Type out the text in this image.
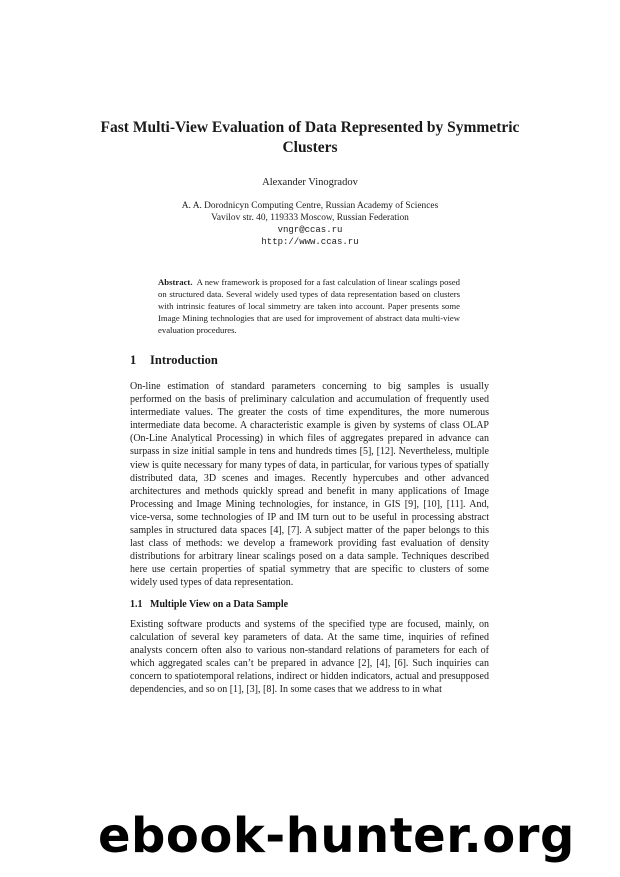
Fast Multi-View Evaluation of Data Represented by Symmetric Clusters
Alexander Vinogradov
A. A. Dorodnicyn Computing Centre, Russian Academy of Sciences
Vavilov str. 40, 119333 Moscow, Russian Federation
vngr@ccas.ru
http://www.ccas.ru

Abstract. A new framework is proposed for a fast calculation of linear scalings posed on structured data. Several widely used types of data representation based on clusters with intrinsic features of local simmetry are taken into account. Paper presents some Image Mining technologies that are used for improvement of abstract data multi-view evaluation procedures.

1 Introduction

On-line estimation of standard parameters concerning to big samples is usually performed on the basis of preliminary calculation and accumulation of frequently used intermediate values. The greater the costs of time expenditures, the more numerous intermediate data become. A characteristic example is given by systems of class OLAP (On-Line Analytical Processing) in which files of aggregates prepared in advance can surpass in size initial sample in tens and hundreds times [5], [12]. Nevertheless, multiple view is quite necessary for many types of data, in particular, for various types of spatially distributed data, 3D scenes and images. Recently hypercubes and other advanced architectures and methods quickly spread and benefit in many applications of Image Processing and Image Mining technologies, for instance, in GIS [9], [10], [11]. And, vice-versa, some technologies of IP and IM turn out to be useful in processing abstract samples in structured data spaces [4], [7]. A subject matter of the paper belongs to this last class of methods: we develop a framework providing fast evaluation of density distributions for arbitrary linear scalings posed on a data sample. Techniques described here use certain properties of spatial symmetry that are specific to clusters of some widely used types of data representation.

1.1 Multiple View on a Data Sample

Existing software products and systems of the specified type are focused, mainly, on calculation of several key parameters of data. At the same time, inquiries of refined analysts concern often also to various non-standard relations of parameters for each of which aggregated scales can’t be prepared in advance [2], [4], [6]. Such inquiries can concern to spatiotemporal relations, indirect or hidden indicators, actual and presupposed dependencies, and so on [1], [3], [8]. In some cases that we address to in what

ebook-hunter.org
